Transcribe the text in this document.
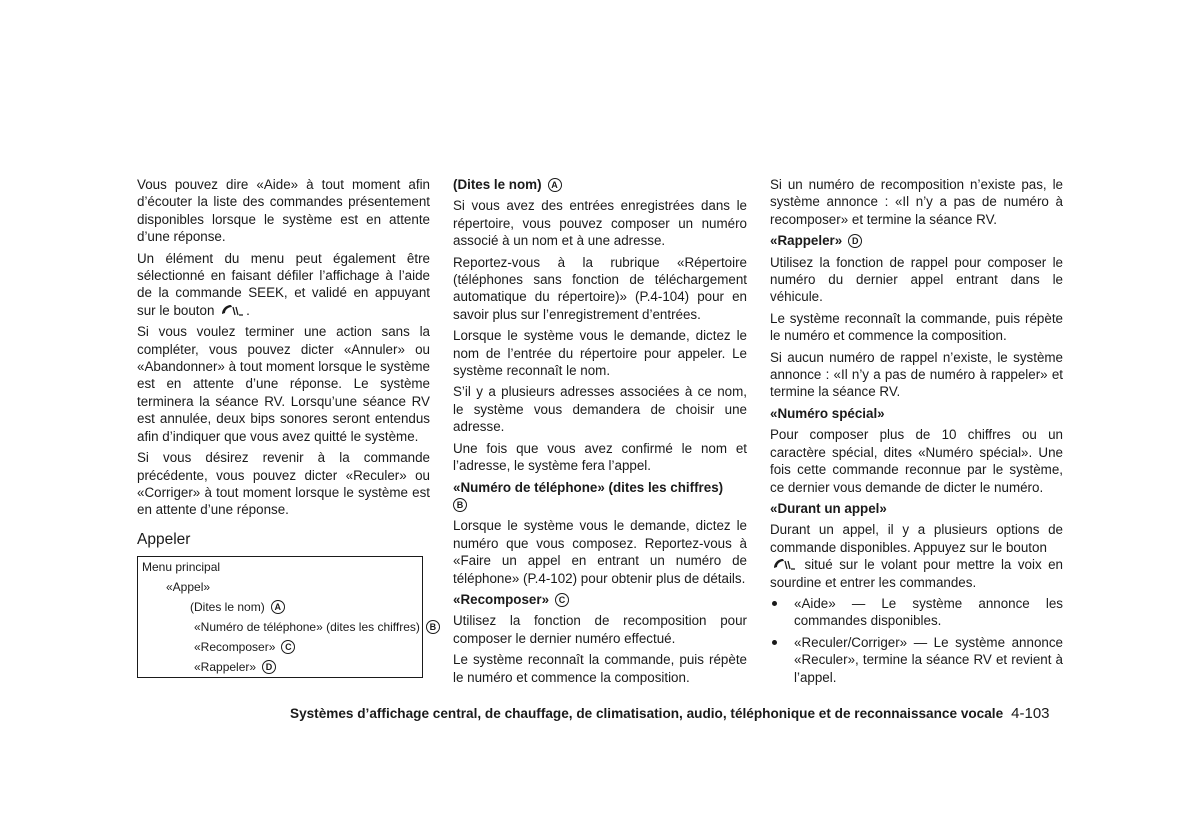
Vous pouvez dire «Aide» à tout moment afin d’écouter la liste des commandes présentement disponibles lorsque le système est en attente d’une réponse.

Un élément du menu peut également être sélectionné en faisant défiler l’affichage à l’aide de la commande SEEK, et validé en appuyant sur le bouton .

Si vous voulez terminer une action sans la compléter, vous pouvez dicter «Annuler» ou «Abandonner» à tout moment lorsque le système est en attente d’une réponse. Le système terminera la séance RV. Lorsqu’une séance RV est annulée, deux bips sonores seront entendus afin d’indiquer que vous avez quitté le système.

Si vous désirez revenir à la commande précédente, vous pouvez dicter «Reculer» ou «Corriger» à tout moment lorsque le système est en attente d’une réponse.

Appeler
Menu principal
«Appel»
(Dites le nom) A
«Numéro de téléphone» (dites les chiffres) B
«Recomposer» C
«Rappeler» D
(Dites le nom) A

Si vous avez des entrées enregistrées dans le répertoire, vous pouvez composer un numéro associé à un nom et à une adresse.

Reportez-vous à la rubrique «Répertoire (téléphones sans fonction de téléchargement automatique du répertoire)» (P.4-104) pour en savoir plus sur l’enregistrement d’entrées.

Lorsque le système vous le demande, dictez le nom de l’entrée du répertoire pour appeler. Le système reconnaît le nom.

S’il y a plusieurs adresses associées à ce nom, le système vous demandera de choisir une adresse.

Une fois que vous avez confirmé le nom et l’adresse, le système fera l’appel.

«Numéro de téléphone» (dites les chiffres)
B

Lorsque le système vous le demande, dictez le numéro que vous composez. Reportez-vous à «Faire un appel en entrant un numéro de téléphone» (P.4-102) pour obtenir plus de détails.

«Recomposer» C

Utilisez la fonction de recomposition pour composer le dernier numéro effectué.

Le système reconnaît la commande, puis répète le numéro et commence la composition.

Si un numéro de recomposition n’existe pas, le système annonce : «Il n’y a pas de numéro à recomposer» et termine la séance RV.

«Rappeler» D

Utilisez la fonction de rappel pour composer le numéro du dernier appel entrant dans le véhicule.

Le système reconnaît la commande, puis répète le numéro et commence la composition.

Si aucun numéro de rappel n’existe, le système annonce : «Il n’y a pas de numéro à rappeler» et termine la séance RV.

«Numéro spécial»

Pour composer plus de 10 chiffres ou un caractère spécial, dites «Numéro spécial». Une fois cette commande reconnue par le système, ce dernier vous demande de dicter le numéro.

«Durant un appel»

Durant un appel, il y a plusieurs options de commande disponibles. Appuyez sur le bouton
situé sur le volant pour mettre la voix en sourdine et entrer les commandes.

«Aide» — Le système annonce les commandes disponibles.
«Reculer/Corriger» — Le système annonce «Reculer», termine la séance RV et revient à l’appel.
Systèmes d’affichage central, de chauffage, de climatisation, audio, téléphonique et de reconnaissance vocale 4-103
